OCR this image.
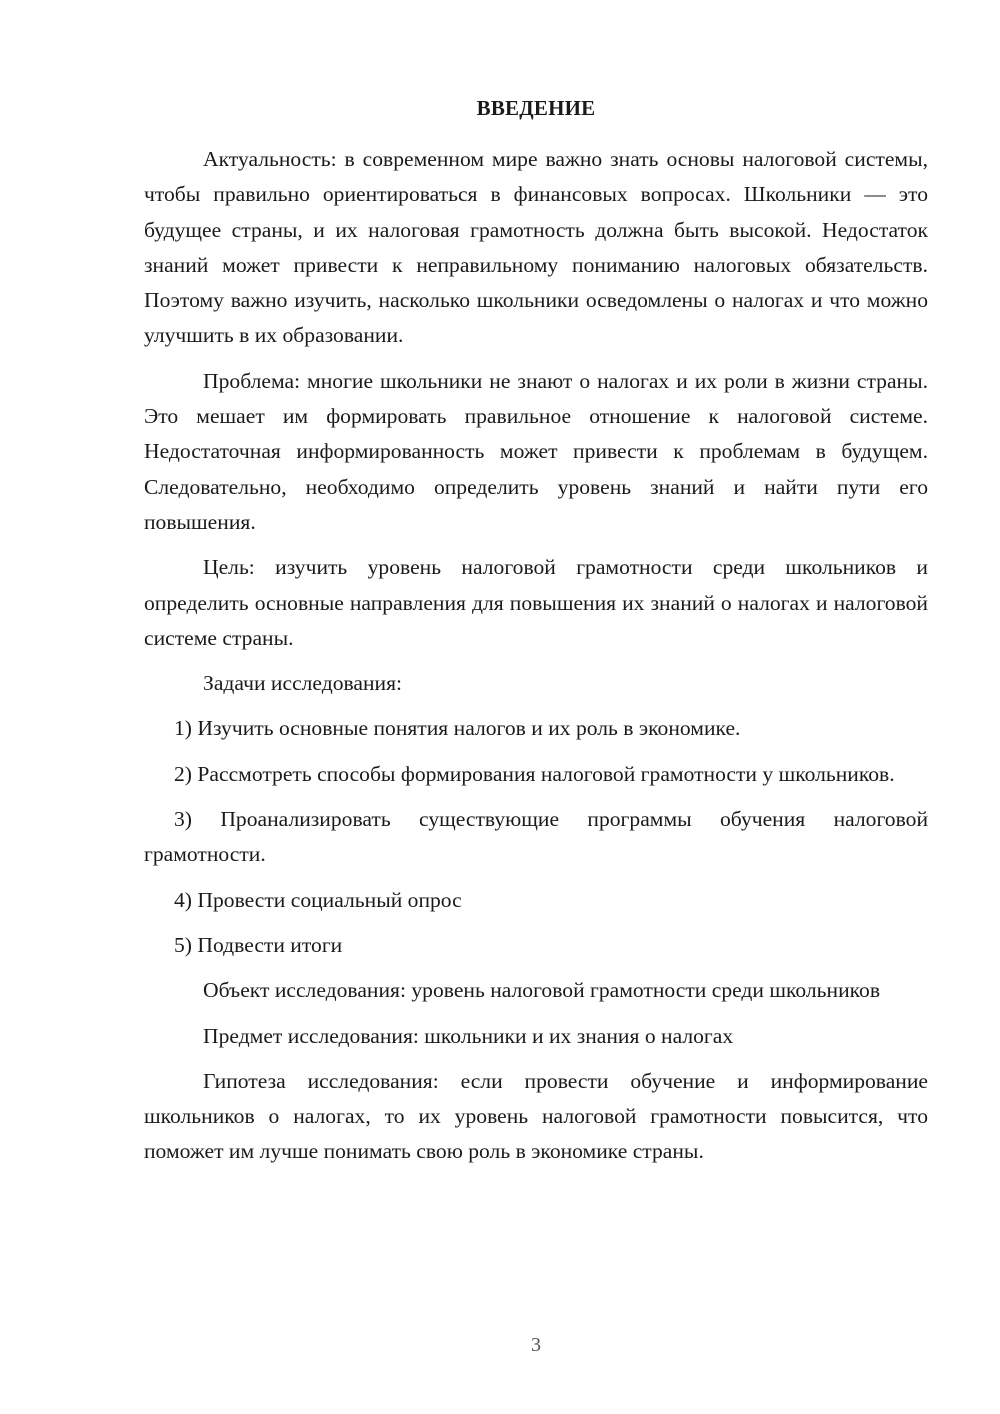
ВВЕДЕНИЕ

Актуальность: в современном мире важно знать основы налоговой системы, чтобы правильно ориентироваться в финансовых вопросах. Школьники — это будущее страны, и их налоговая грамотность должна быть высокой. Недостаток знаний может привести к неправильному пониманию налоговых обязательств. Поэтому важно изучить, насколько школьники осведомлены о налогах и что можно улучшить в их образовании.

Проблема: многие школьники не знают о налогах и их роли в жизни страны. Это мешает им формировать правильное отношение к налоговой системе. Недостаточная информированность может привести к проблемам в будущем. Следовательно, необходимо определить уровень знаний и найти пути его повышения.

Цель: изучить уровень налоговой грамотности среди школьников и определить основные направления для повышения их знаний о налогах и налоговой системе страны.

Задачи исследования:

1) Изучить основные понятия налогов и их роль в экономике.

2) Рассмотреть способы формирования налоговой грамотности у школьников.

3) Проанализировать существующие программы обучения налоговой грамотности.

4) Провести социальный опрос

5) Подвести итоги

Объект исследования: уровень налоговой грамотности среди школьников

Предмет исследования: школьники и их знания о налогах

Гипотеза исследования: если провести обучение и информирование школьников о налогах, то их уровень налоговой грамотности повысится, что поможет им лучше понимать свою роль в экономике страны.

3
